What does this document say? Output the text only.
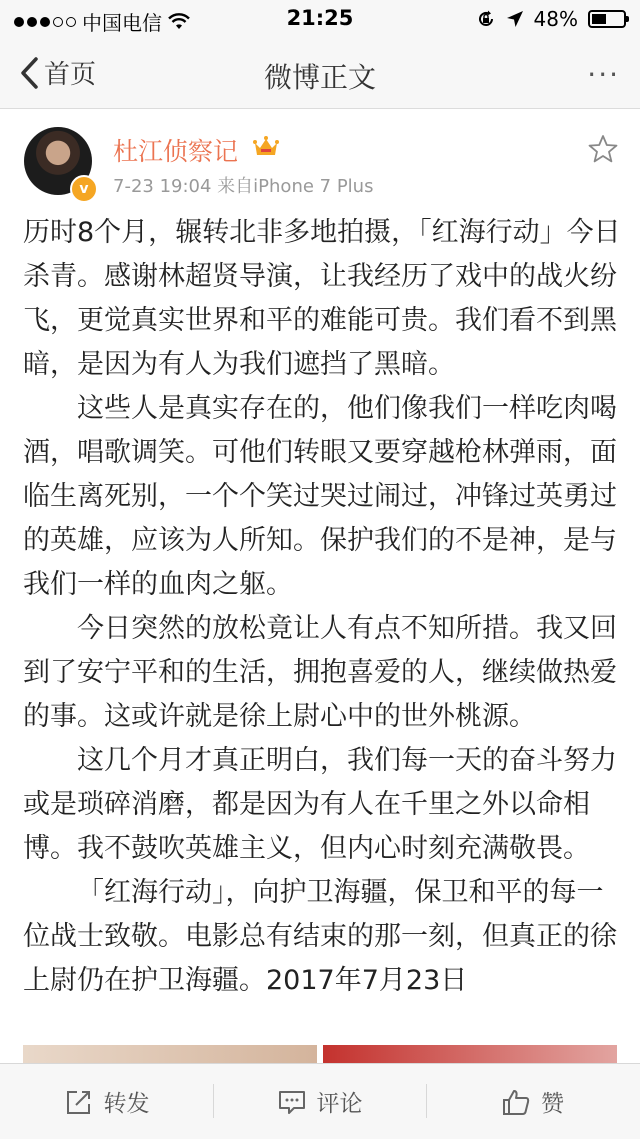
中国电信	21:25	48%
首页	微博正文	···
v
杜江侦察记
7-23 19:04 来自iPhone 7 Plus

历时8个月，辗转北非多地拍摄，「红海行动」今日杀青。感谢林超贤导演，让我经历了戏中的战火纷飞，更觉真实世界和平的难能可贵。我们看不到黑暗，是因为有人为我们遮挡了黑暗。

这些人是真实存在的，他们像我们一样吃肉喝酒，唱歌调笑。可他们转眼又要穿越枪林弹雨，面临生离死别，一个个笑过哭过闹过，冲锋过英勇过的英雄，应该为人所知。保护我们的不是神，是与我们一样的血肉之躯。

今日突然的放松竟让人有点不知所措。我又回到了安宁平和的生活，拥抱喜爱的人，继续做热爱的事。这或许就是徐上尉心中的世外桃源。

这几个月才真正明白，我们每一天的奋斗努力或是琐碎消磨，都是因为有人在千里之外以命相博。我不鼓吹英雄主义，但内心时刻充满敬畏。

「红海行动」，向护卫海疆，保卫和平的每一位战士致敬。电影总有结束的那一刻，但真正的徐上尉仍在护卫海疆。2017年7月23日

转发	评论	赞
